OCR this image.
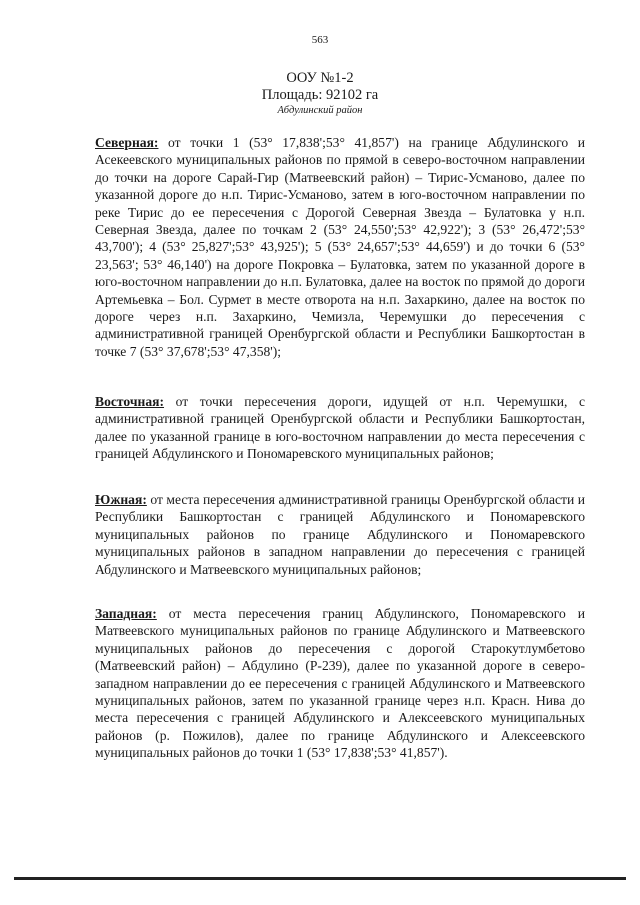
563
ООУ №1-2
Площадь: 92102 га
Абдулинский район
Северная: от точки 1 (53° 17,838';53° 41,857') на границе Абдулинского и Асекеевского муниципальных районов по прямой в северо-восточном направлении до точки на дороге Сарай-Гир (Матвеевский район) – Тирис-Усманово, далее по указанной дороге до н.п. Тирис-Усманово, затем в юго-восточном направлении по реке Тирис до ее пересечения с Дорогой Северная Звезда – Булатовка у н.п. Северная Звезда, далее по точкам 2 (53° 24,550';53° 42,922'); 3 (53° 26,472';53° 43,700'); 4 (53° 25,827';53° 43,925'); 5 (53° 24,657';53° 44,659') и до точки 6 (53° 23,563'; 53° 46,140') на дороге Покровка – Булатовка, затем по указанной дороге в юго-восточном направлении до н.п. Булатовка, далее на восток по прямой до дороги Артемьевка – Бол. Сурмет в месте отворота на н.п. Захаркино, далее на восток по дороге через н.п. Захаркино, Чемизла, Черемушки до пересечения с административной границей Оренбургской области и Республики Башкортостан в точке 7 (53° 37,678';53° 47,358');
Восточная: от точки пересечения дороги, идущей от н.п. Черемушки, с административной границей Оренбургской области и Республики Башкортостан, далее по указанной границе в юго-восточном направлении до места пересечения с границей Абдулинского и Пономаревского муниципальных районов;
Южная: от места пересечения административной границы Оренбургской области и Республики Башкортостан с границей Абдулинского и Пономаревского муниципальных районов по границе Абдулинского и Пономаревского муниципальных районов в западном направлении до пересечения с границей Абдулинского и Матвеевского муниципальных районов;
Западная: от места пересечения границ Абдулинского, Пономаревского и Матвеевского муниципальных районов по границе Абдулинского и Матвеевского муниципальных районов до пересечения с дорогой Старокутлумбетово (Матвеевский район) – Абдулино (Р-239), далее по указанной дороге в северо-западном направлении до ее пересечения с границей Абдулинского и Матвеевского муниципальных районов, затем по указанной границе через н.п. Красн. Нива до места пересечения с границей Абдулинского и Алексеевского муниципальных районов (р. Пожилов), далее по границе Абдулинского и Алексеевского муниципальных районов до точки 1 (53° 17,838';53° 41,857').
